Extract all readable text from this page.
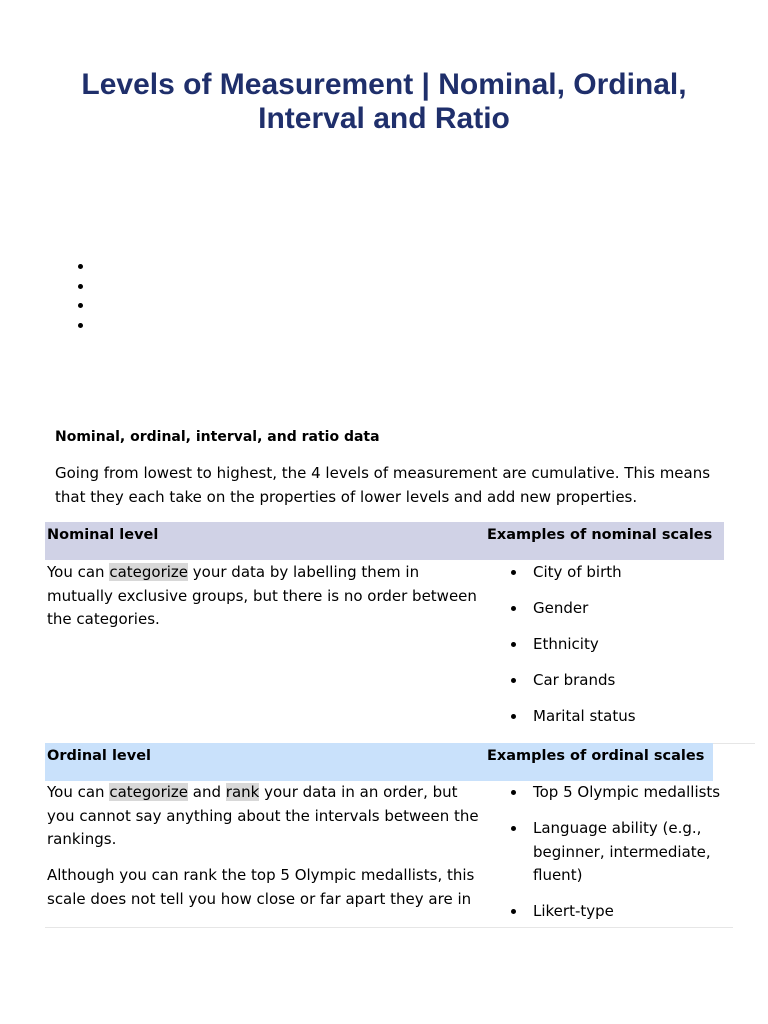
Levels of Measurement | Nominal, Ordinal, Interval and Ratio
Nominal, ordinal, interval, and ratio data
Going from lowest to highest, the 4 levels of measurement are cumulative. This means that they each take on the properties of lower levels and add new properties.
Nominal level	Examples of nominal scales

You can categorize your data by labelling them in mutually exclusive groups, but there is no order between the categories.

City of birth
Gender
Ethnicity
Car brands
Marital status
Ordinal level	Examples of ordinal scales

You can categorize and rank your data in an order, but you cannot say anything about the intervals between the rankings.

Although you can rank the top 5 Olympic medallists, this scale does not tell you how close or far apart they are in

Top 5 Olympic medallists
Language ability (e.g., beginner, intermediate, fluent)
Likert-type
